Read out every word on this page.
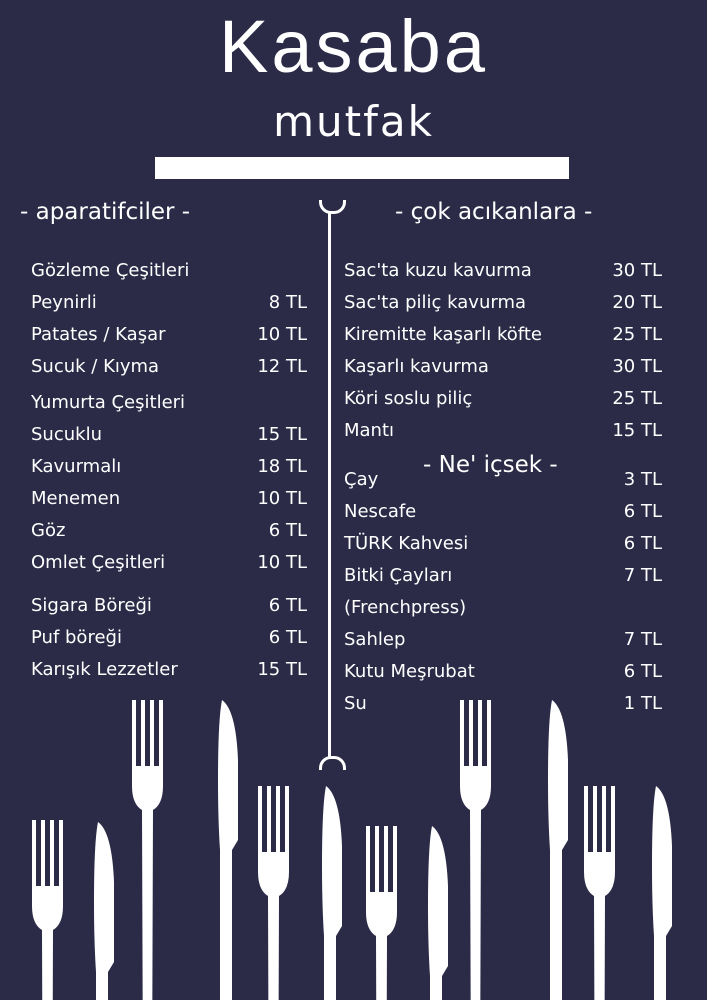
Kasaba
mutfak
- aparatifciler -	- çok acıkanlara -
- Ne' içsek -
Gözleme Çeşitleri
Peynirli	8 TL
Patates / Kaşar	10 TL
Sucuk / Kıyma	12 TL
Yumurta Çeşitleri
Sucuklu	15 TL
Kavurmalı	18 TL
Menemen	10 TL
Göz	6 TL
Omlet Çeşitleri	10 TL
Sigara Böreği	6 TL
Puf böreği	6 TL
Karışık Lezzetler	15 TL
Sac'ta kuzu kavurma	30 TL
Sac'ta piliç kavurma	20 TL
Kiremitte kaşarlı köfte	25 TL
Kaşarlı kavurma	30 TL
Köri soslu piliç	25 TL
Mantı	15 TL
Çay	3 TL
Nescafe	6 TL
TÜRK Kahvesi	6 TL
Bitki Çayları	7 TL
(Frenchpress)
Sahlep	7 TL
Kutu Meşrubat	6 TL
Su	1 TL
